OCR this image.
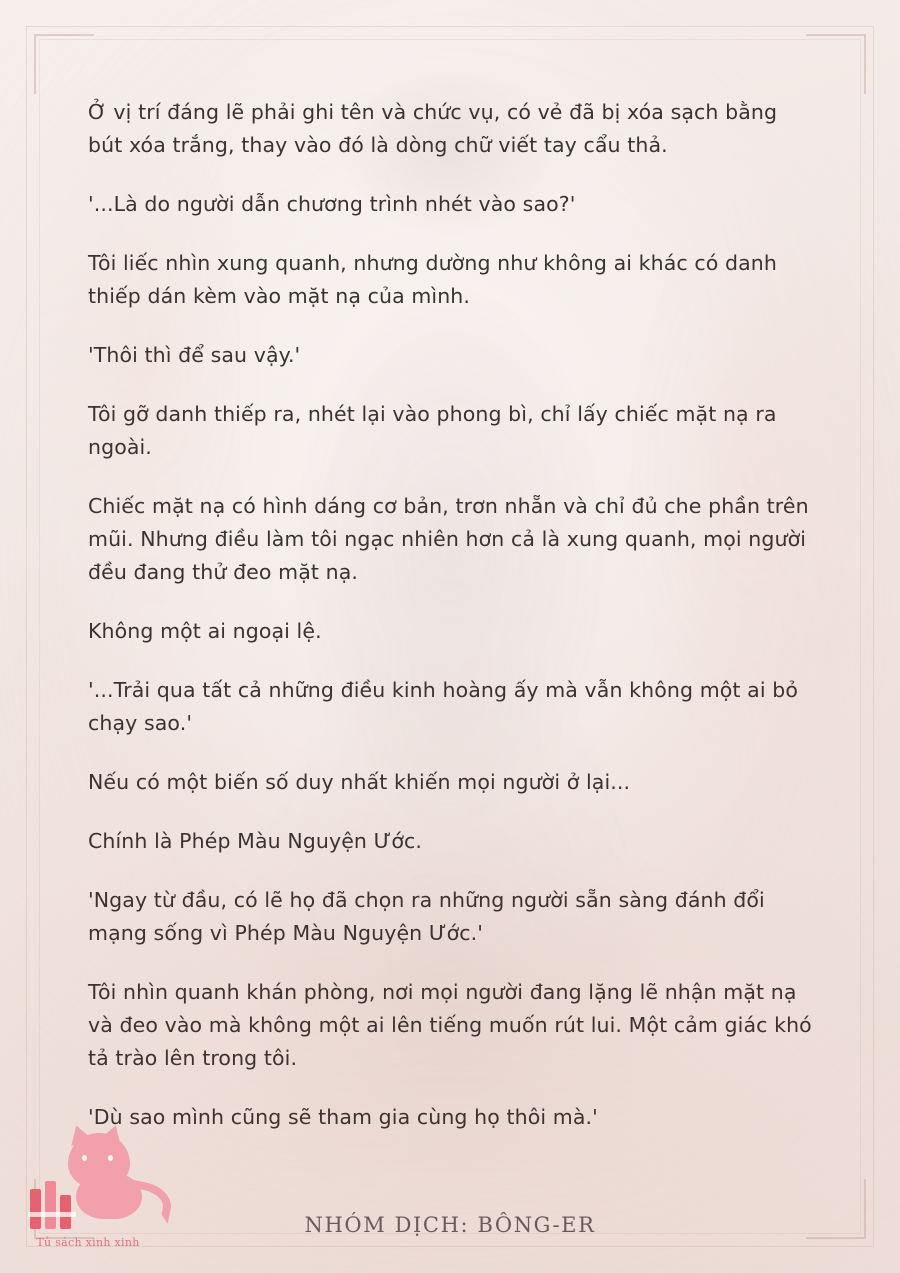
Ở vị trí đáng lẽ phải ghi tên và chức vụ, có vẻ đã bị xóa sạch bằng bút xóa trắng, thay vào đó là dòng chữ viết tay cẩu thả.

'...Là do người dẫn chương trình nhét vào sao?'

Tôi liếc nhìn xung quanh, nhưng dường như không ai khác có danh thiếp dán kèm vào mặt nạ của mình.

'Thôi thì để sau vậy.'

Tôi gỡ danh thiếp ra, nhét lại vào phong bì, chỉ lấy chiếc mặt nạ ra ngoài.

Chiếc mặt nạ có hình dáng cơ bản, trơn nhẵn và chỉ đủ che phần trên mũi. Nhưng điều làm tôi ngạc nhiên hơn cả là xung quanh, mọi người đều đang thử đeo mặt nạ.

Không một ai ngoại lệ.

'...Trải qua tất cả những điều kinh hoàng ấy mà vẫn không một ai bỏ chạy sao.'

Nếu có một biến số duy nhất khiến mọi người ở lại...

Chính là Phép Màu Nguyện Ước.

'Ngay từ đầu, có lẽ họ đã chọn ra những người sẵn sàng đánh đổi mạng sống vì Phép Màu Nguyện Ước.'

Tôi nhìn quanh khán phòng, nơi mọi người đang lặng lẽ nhận mặt nạ và đeo vào mà không một ai lên tiếng muốn rút lui. Một cảm giác khó tả trào lên trong tôi.

'Dù sao mình cũng sẽ tham gia cùng họ thôi mà.'

NHÓM DỊCH: BÔNG-ER
Tủ sách xinh xinh
